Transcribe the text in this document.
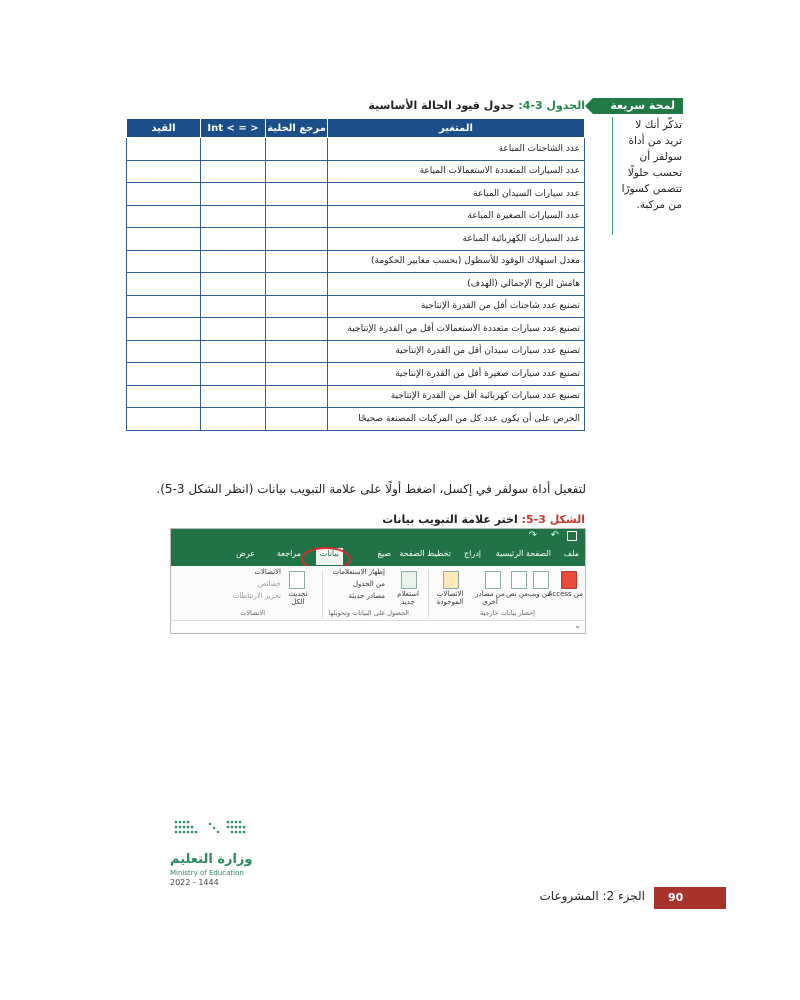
لمحة سريعة
تذكّر أنك لا
تريد من أداة
سولفر أن
تحسب حلولًا
تتضمن كسورًا
من مركبة.
الجدول 3-4: جدول قيود الحالة الأساسية
المتغير	مرجع الخلية	Int < = >	القيد
عدد الشاحنات المباعة			
عدد السيارات المتعددة الاستعمالات المباعة			
عدد سيارات السيدان المباعة			
عدد السيارات الصغيرة المباعة			
عدد السيارات الكهربائية المباعة			
معدل استهلاك الوقود للأسطول (بحسب معايير الحكومة)			
هامش الربح الإجمالي (الهدف)			
تصنيع عدد شاحنات أقل من القدرة الإنتاجية			
تصنيع عدد سيارات متعددة الاستعمالات أقل من القدرة الإنتاجية			
تصنيع عدد سيارات سيدان أقل من القدرة الإنتاجية			
تصنيع عدد سيارات صغيرة أقل من القدرة الإنتاجية			
تصنيع عدد سيارات كهربائية أقل من القدرة الإنتاجية			
الحرص على أن يكون عدد كل من المركبات المصنعة صحيحًا			
لتفعيل أداة سولفر في إكسل، اضغط أولًا على علامة التبويب بيانات (انظر الشكل 3-5).
الشكل 3-5: اختر علامة التبويب بيانات
↶
↷
ملف
الصفحة الرئيسية
إدراج
تخطيط الصفحة
صيغ
بيانات
مراجعة
عرض
من Access
من ويب
من نص
من مصادر أخرى
الاتصالات الموجودة
إحضار بيانات خارجية
استعلام جديد
إظهار الاستعلامات
من الجدول
مصادر حديثة
الحصول على البيانات وتحويلها
تحديث الكل
الاتصالات
خصائص
تحرير الارتباطات
الاتصالات
⌄
وزارة التعليم
Ministry of Education
2022 - 1444
الجزء 2: المشروعات	90
